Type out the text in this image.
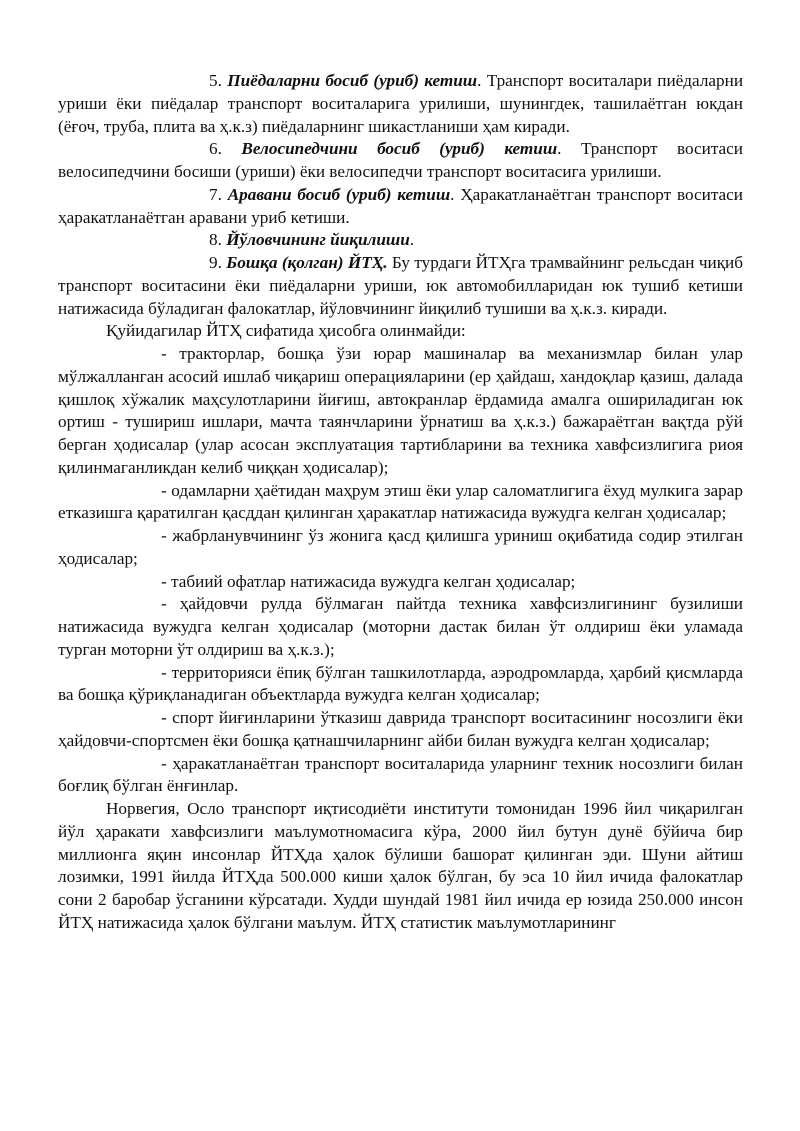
5. Пиёдаларни босиб (уриб) кетиш. Транспорт воситалари пиёдаларни уриши ёки пиёдалар транспорт воситаларига урилиши, шунингдек, ташилаётган юкдан (ёғоч, труба, плита ва ҳ.к.з) пиёдаларнинг шикастланиши ҳам киради.

6. Велосипедчини босиб (уриб) кетиш. Транспорт воситаси велосипедчини босиши (уриши) ёки велосипедчи транспорт воситасига урилиши.

7. Аравани босиб (уриб) кетиш. Ҳаракатланаётган транспорт воситаси ҳаракатланаётган аравани уриб кетиши.

8. Йўловчининг йиқилиши.

9. Бошқа (қолган) ЙТҲ. Бу турдаги ЙТҲга трамвайнинг рельсдан чиқиб транспорт воситасини ёки пиёдаларни уриши, юк автомобилларидан юк тушиб кетиши натижасида бўладиган фалокатлар, йўловчининг йиқилиб тушиши ва ҳ.к.з. киради.

Қуйидагилар ЙТҲ сифатида ҳисобга олинмайди:

- тракторлар, бошқа ўзи юрар машиналар ва механизмлар билан улар мўлжалланган асосий ишлаб чиқариш операцияларини (ер ҳайдаш, хандоқлар қазиш, далада қишлоқ хўжалик маҳсулотларини йиғиш, автокранлар ёрдамида амалга ошириладиган юк ортиш - тушириш ишлари, мачта таянчларини ўрнатиш ва ҳ.к.з.) бажараётган вақтда рўй берган ҳодисалар (улар асосан эксплуатация тартибларини ва техника хавфсизлигига риоя қилинмаганликдан келиб чиққан ҳодисалар);

- одамларни ҳаётидан маҳрум этиш ёки улар саломатлигига ёхуд мулкига зарар етказишга қаратилган қасддан қилинган ҳаракатлар натижасида вужудга келган ҳодисалар;

- жабрланувчининг ўз жонига қасд қилишга уриниш оқибатида содир этилган ҳодисалар;

- табиий офатлар натижасида вужудга келган ҳодисалар;

- ҳайдовчи рулда бўлмаган пайтда техника хавфсизлигининг бузилиши натижасида вужудга келган ҳодисалар (моторни дастак билан ўт олдириш ёки уламада турган моторни ўт олдириш ва ҳ.к.з.);

- территорияси ёпиқ бўлган ташкилотларда, аэродромларда, ҳарбий қисмларда ва бошқа қўриқланадиган объектларда вужудга келган ҳодисалар;

- спорт йиғинларини ўтказиш даврида транспорт воситасининг носозлиги ёки ҳайдовчи-спортсмен ёки бошқа қатнашчиларнинг айби билан вужудга келган ҳодисалар;

- ҳаракатланаётган транспорт воситаларида уларнинг техник носозлиги билан боғлиқ бўлган ёнғинлар.

Норвегия, Осло транспорт иқтисодиёти институти томонидан 1996 йил чиқарилган йўл ҳаракати хавфсизлиги маълумотномасига кўра, 2000 йил бутун дунё бўйича бир миллионга яқин инсонлар ЙТҲда ҳалок бўлиши башорат қилинган эди. Шуни айтиш лозимки, 1991 йилда ЙТҲда 500.000 киши ҳалок бўлган, бу эса 10 йил ичида фалокатлар сони 2 баробар ўсганини кўрсатади. Худди шундай 1981 йил ичида ер юзида 250.000 инсон ЙТҲ натижасида ҳалок бўлгани маълум. ЙТҲ статистик маълумотларининг
